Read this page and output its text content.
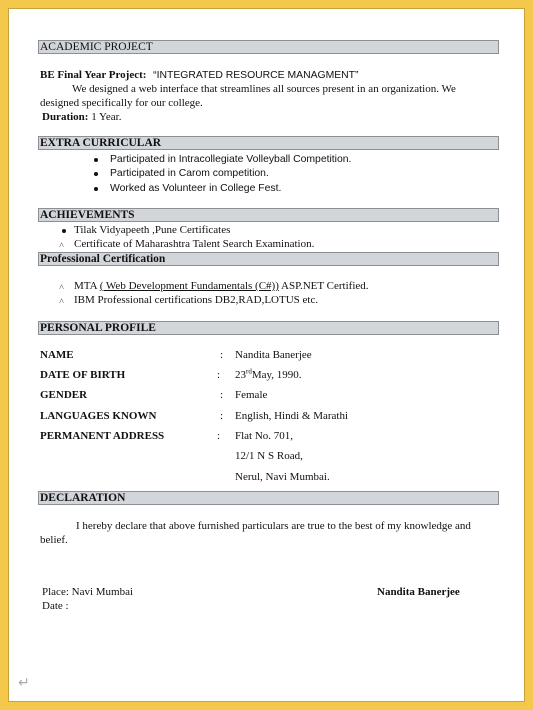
ACADEMIC PROJECT
BE Final Year Project: “INTEGRATED RESOURCE MANAGMENT”
We designed a web interface that streamlines all sources present in an organization. We
designed specifically for our college.
Duration: 1 Year.
EXTRA CURRICULAR
Participated in Intracollegiate Volleyball Competition.
Participated in Carom competition.
Worked as Volunteer in College Fest.
ACHIEVEMENTS
Tilak Vidyapeeth ,Pune Certificates
˄ Certificate of Maharashtra Talent Search Examination.
Professional Certification
˄ MTA ( Web Development Fundamentals (C#)) ASP.NET Certified.
˄ IBM Professional certifications DB2,RAD,LOTUS etc.
PERSONAL PROFILE
NAME	: Nandita Banerjee
DATE OF BIRTH	: 23rdMay, 1990.
GENDER	: Female
LANGUAGES KNOWN	: English, Hindi & Marathi
PERMANENT ADDRESS	: Flat No. 701,
12/1 N S Road,
Nerul, Navi Mumbai.
DECLARATION
I hereby declare that above furnished particulars are true to the best of my knowledge and
belief.
Place: Navi Mumbai
Date :
Nandita Banerjee
↵
